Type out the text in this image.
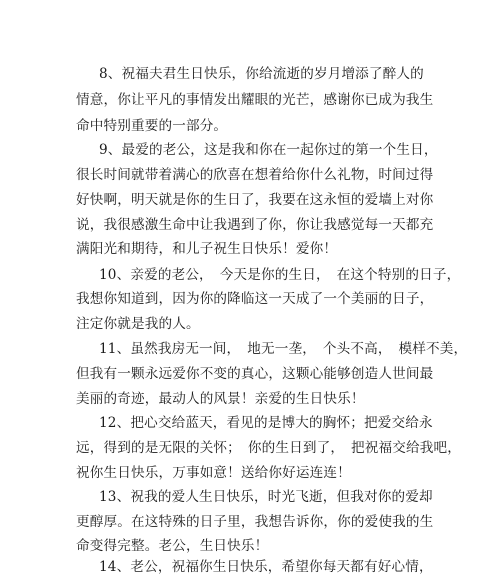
8、祝福夫君生日快乐，你给流逝的岁月增添了醉人的
情意，你让平凡的事情发出耀眼的光芒，感谢你已成为我生
命中特别重要的一部分。
9、最爱的老公，这是我和你在一起你过的第一个生日，
很长时间就带着满心的欣喜在想着给你什么礼物，时间过得
好快啊，明天就是你的生日了，我要在这永恒的爱墙上对你
说，我很感激生命中让我遇到了你，你让我感觉每一天都充
满阳光和期待，和儿子祝生日快乐！爱你！
10、亲爱的老公，　今天是你的生日，　在这个特别的日子，
我想你知道到，因为你的降临这一天成了一个美丽的日子，
注定你就是我的人。
11、虽然我房无一间，　地无一垄，　个头不高，　模样不美，
但我有一颗永远爱你不变的真心，这颗心能够创造人世间最
美丽的奇迹，最动人的风景！亲爱的生日快乐！
12、把心交给蓝天，看见的是博大的胸怀；把爱交给永
远，得到的是无限的关怀；　你的生日到了，　把祝福交给我吧，
祝你生日快乐，万事如意！送给你好运连连！
13、祝我的爱人生日快乐，时光飞逝，但我对你的爱却
更醇厚。在这特殊的日子里，我想告诉你，你的爱使我的生
命变得完整。老公，生日快乐！
14、老公，祝福你生日快乐，希望你每天都有好心情，
